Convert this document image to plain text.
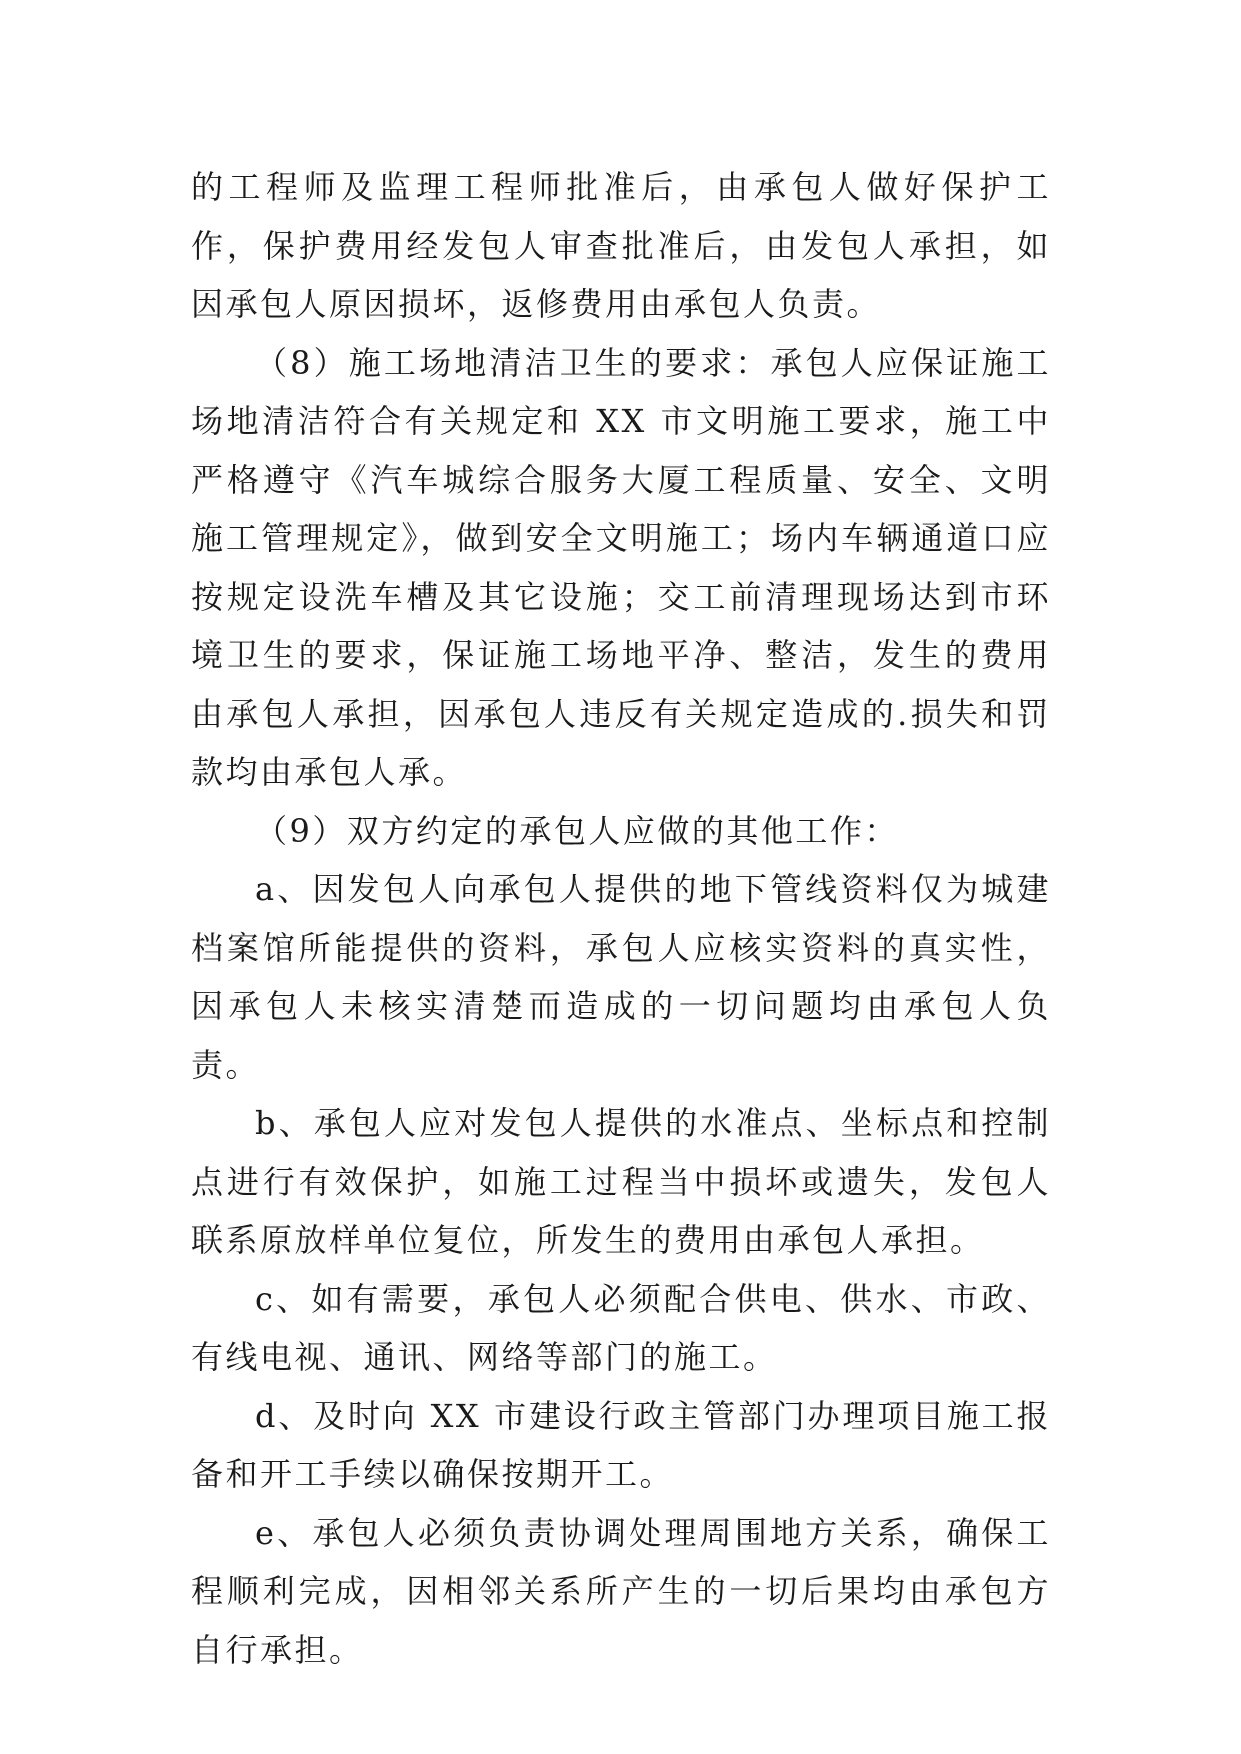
的工程师及监理工程师批准后，由承包人做好保护工作，保护费用经发包人审查批准后，由发包人承担，如因承包人原因损坏，返修费用由承包人负责。

（8）施工场地清洁卫生的要求：承包人应保证施工场地清洁符合有关规定和 XX 市文明施工要求，施工中严格遵守《汽车城综合服务大厦工程质量、安全、文明施工管理规定》，做到安全文明施工；场内车辆通道口应按规定设洗车槽及其它设施；交工前清理现场达到市环境卫生的要求，保证施工场地平净、整洁，发生的费用由承包人承担，因承包人违反有关规定造成的.损失和罚款均由承包人承。

（9）双方约定的承包人应做的其他工作：

a、因发包人向承包人提供的地下管线资料仅为城建档案馆所能提供的资料，承包人应核实资料的真实性，因承包人未核实清楚而造成的一切问题均由承包人负责。

b、承包人应对发包人提供的水准点、坐标点和控制点进行有效保护，如施工过程当中损坏或遗失，发包人联系原放样单位复位，所发生的费用由承包人承担。

c、如有需要，承包人必须配合供电、供水、市政、有线电视、通讯、网络等部门的施工。

d、及时向 XX 市建设行政主管部门办理项目施工报备和开工手续以确保按期开工。

e、承包人必须负责协调处理周围地方关系，确保工程顺利完成，因相邻关系所产生的一切后果均由承包方自行承担。
